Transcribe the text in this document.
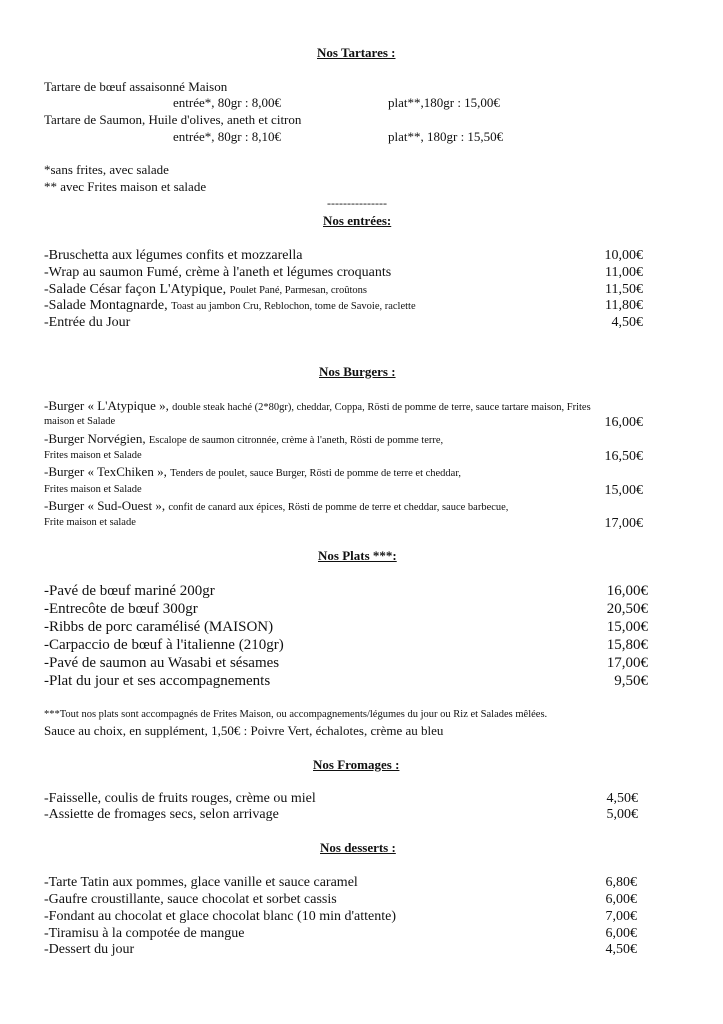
Nos Tartares :
Tartare de bœuf assaisonné Maison
entrée*, 80gr : 8,00€	plat**,180gr : 15,00€
Tartare de Saumon, Huile d'olives, aneth et citron
entrée*, 80gr : 8,10€	plat**, 180gr : 15,50€
*sans frites, avec salade
** avec Frites maison et salade
---------------
Nos entrées:
-Bruschetta aux légumes confits et mozzarella	10,00€
-Wrap au saumon Fumé, crème à l'aneth et légumes croquants	11,00€
-Salade César façon L'Atypique, Poulet Pané, Parmesan, croûtons	11,50€
-Salade Montagnarde, Toast au jambon Cru, Reblochon, tome de Savoie, raclette	11,80€
-Entrée du Jour	4,50€
Nos Burgers :
-Burger « L'Atypique », double steak haché (2*80gr), cheddar, Coppa, Rösti de pomme de terre, sauce tartare maison, Frites
maison et Salade	16,00€
-Burger Norvégien, Escalope de saumon citronnée, crème à l'aneth, Rösti de pomme terre,
Frites maison et Salade	16,50€
-Burger « TexChiken », Tenders de poulet, sauce Burger, Rösti de pomme de terre et cheddar,
Frites maison et Salade	15,00€
-Burger « Sud-Ouest », confit de canard aux épices, Rösti de pomme de terre et cheddar, sauce barbecue,
Frite maison et salade	17,00€
Nos Plats ***:
-Pavé de bœuf mariné 200gr	16,00€
-Entrecôte de bœuf 300gr	20,50€
-Ribbs de porc caramélisé (MAISON)	15,00€
-Carpaccio de bœuf à l'italienne (210gr)	15,80€
-Pavé de saumon au Wasabi et sésames	17,00€
-Plat du jour et ses accompagnements	9,50€
***Tout nos plats sont accompagnés de Frites Maison, ou accompagnements/légumes du jour ou Riz et Salades mêlées.
Sauce au choix, en supplément, 1,50€ : Poivre Vert, échalotes, crème au bleu
Nos Fromages :
-Faisselle, coulis de fruits rouges, crème ou miel	4,50€
-Assiette de fromages secs, selon arrivage	5,00€
Nos desserts :
-Tarte Tatin aux pommes, glace vanille et sauce caramel	6,80€
-Gaufre croustillante, sauce chocolat et sorbet cassis	6,00€
-Fondant au chocolat et glace chocolat blanc (10 min d'attente)	7,00€
-Tiramisu à la compotée de mangue	6,00€
-Dessert du jour	4,50€
